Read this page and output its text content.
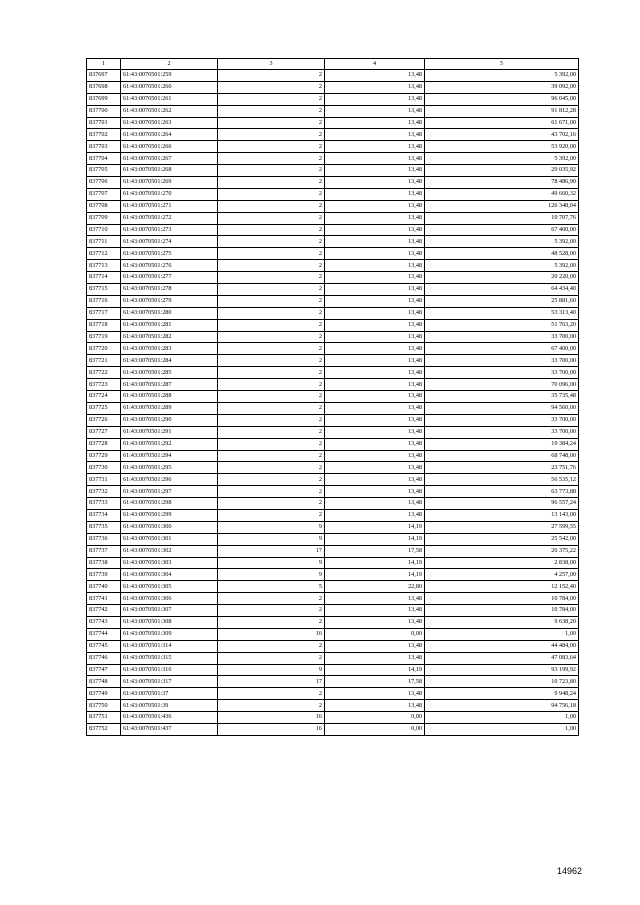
1	2	3	4	5
837697	61:43:0070501:259	2	13,48	5 392,00
837698	61:43:0070501:260	2	13,48	39 092,00
837699	61:43:0070501:261	2	13,48	96 045,00
837700	61:43:0070501:262	2	13,48	91 812,28
837701	61:43:0070501:263	2	13,48	61 671,00
837702	61:43:0070501:264	2	13,48	43 702,16
837703	61:43:0070501:266	2	13,48	53 920,00
837704	61:43:0070501:267	2	13,48	5 392,00
837705	61:43:0070501:268	2	13,48	29 035,92
837706	61:43:0070501:269	2	13,48	78 486,90
837707	61:43:0070501:270	2	13,48	49 660,32
837708	61:43:0070501:271	2	13,48	126 348,04
837709	61:43:0070501:272	2	13,48	19 707,76
837710	61:43:0070501:273	2	13,48	67 400,00
837711	61:43:0070501:274	2	13,48	5 392,00
837712	61:43:0070501:275	2	13,48	48 528,00
837713	61:43:0070501:276	2	13,48	5 392,00
837714	61:43:0070501:277	2	13,48	20 220,00
837715	61:43:0070501:278	2	13,48	64 434,40
837716	61:43:0070501:279	2	13,48	25 881,60
837717	61:43:0070501:280	2	13,48	53 313,40
837718	61:43:0070501:281	2	13,48	51 763,20
837719	61:43:0070501:282	2	13,48	33 700,00
837720	61:43:0070501:283	2	13,48	67 400,00
837721	61:43:0070501:284	2	13,48	33 700,00
837722	61:43:0070501:285	2	13,48	33 700,00
837723	61:43:0070501:287	2	13,48	70 096,00
837724	61:43:0070501:288	2	13,48	35 735,48
837725	61:43:0070501:289	2	13,48	94 560,00
837726	61:43:0070501:290	2	13,48	33 700,00
837727	61:43:0070501:291	2	13,48	33 700,00
837728	61:43:0070501:292	2	13,48	19 384,24
837729	61:43:0070501:294	2	13,48	68 748,00
837730	61:43:0070501:295	2	13,48	23 751,76
837731	61:43:0070501:296	2	13,48	56 535,12
837732	61:43:0070501:297	2	13,48	63 773,88
837733	61:43:0070501:298	2	13,48	96 557,24
837734	61:43:0070501:299	2	13,48	13 143,00
837735	61:43:0070501:300	9	14,19	27 599,55
837736	61:43:0070501:301	9	14,19	25 542,00
837737	61:43:0070501:302	17	17,58	20 375,22
837738	61:43:0070501:303	9	14,19	2 838,00
837739	61:43:0070501:304	9	14,19	4 257,00
837740	61:43:0070501:305	5	22,80	12 152,40
837741	61:43:0070501:306	2	13,48	10 784,00
837742	61:43:0070501:307	2	13,48	10 784,00
837743	61:43:0070501:308	2	13,48	9 638,20
837744	61:43:0070501:309	16	0,00	1,00
837745	61:43:0070501:314	2	13,48	44 484,00
837746	61:43:0070501:315	2	13,48	47 083,64
837747	61:43:0070501:316	9	14,19	93 199,92
837748	61:43:0070501:317	17	17,58	10 723,80
837749	61:43:0070501:37	2	13,48	9 948,24
837750	61:43:0070501:39	2	13,48	94 756,18
837751	61:43:0070501:436	16	0,00	1,00
837752	61:43:0070501:437	16	0,00	1,00
14962
